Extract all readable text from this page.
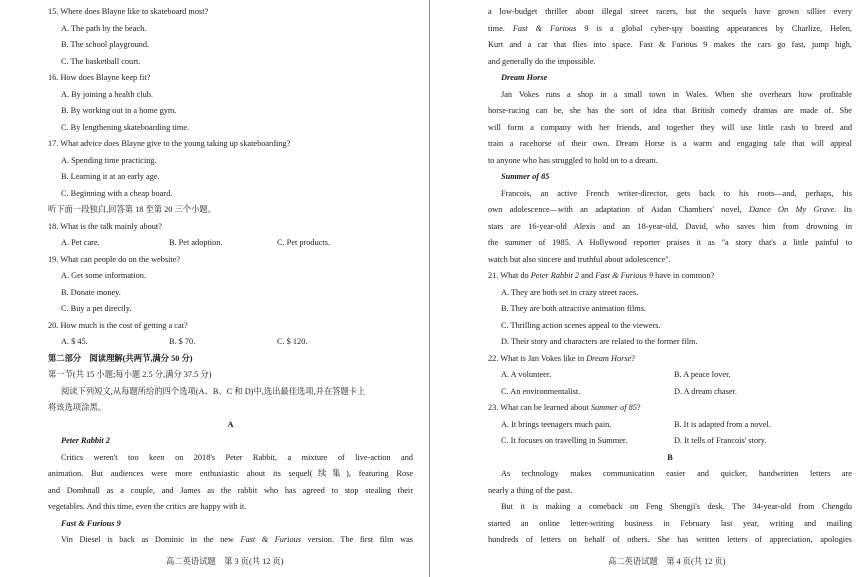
15. Where does Blayne like to skateboard most?
A. The path by the beach.
B. The school playground.
C. The basketball court.
16. How does Blayne keep fit?
A. By joining a health club.
B. By working out in a home gym.
C. By lengthening skateboarding time.
17. What advice does Blayne give to the young taking up skateboarding?
A. Spending time practicing.
B. Learning it at an early age.
C. Beginning with a cheap board.
听下面一段独白,回答第 18 至第 20 三个小题。
18. What is the talk mainly about?
A. Pet care.	B. Pet adoption.	C. Pet products.
19. What can people do on the website?
A. Get some information.
B. Donate money.
C. Buy a pet directly.
20. How much is the cost of getting a cat?
A. $ 45.	B. $ 70.	C. $ 120.
第二部分　阅读理解(共两节,满分 50 分)
第一节(共 15 小题;每小题 2.5 分,满分 37.5 分)
阅读下列短文,从每题所给的四个选项(A、B、C 和 D)中,选出最佳选项,并在答题卡上
将该选项涂黑。
A
Peter Rabbit 2
Critics weren't too keen on 2018's Peter Rabbit, a mixture of live-action and
animation. But audiences were more enthusiastic about its sequel(续集), featuring Rose
and Domhnall as a couple, and James as the rabbit who has agreed to stop stealing their
vegetables. And this time, even the critics are happy with it.
Fast & Furious 9
Vin Diesel is back as Dominic in the new Fast & Furious version. The first film was
a low-budget thriller about illegal street racers, but the sequels have grown sillier every
time. Fast & Furious 9 is a global cyber-spy boasting appearances by Charlize, Helen,
Kurt and a car that flies into space. Fast & Furious 9 makes the cars go fast, jump high,
and generally do the impossible.
Dream Horse
Jan Vokes runs a shop in a small town in Wales. When she overhears how profitable
horse-racing can be, she has the sort of idea that British comedy dramas are made of. She
will form a company with her friends, and together they will use little cash to breed and
train a racehorse of their own. Dream Horse is a warm and engaging tale that will appeal
to anyone who has struggled to hold on to a dream.
Summer of 85
Francois, an active French writer-director, gets back to his roots—and, perhaps, his
own adolescence—with an adaptation of Aidan Chambers' novel, Dance On My Grave. Its
stars are 16-year-old Alexis and an 18-year-old, David, who saves him from drowning in
the summer of 1985. A Hollywood reporter praises it as "a story that's a little painful to
watch but also sincere and truthful about adolescence".
21. What do Peter Rabbit 2 and Fast & Furious 9 have in common?
A. They are both set in crazy street races.
B. They are both attractive animation films.
C. Thrilling action scenes appeal to the viewers.
D. Their story and characters are related to the former film.
22. What is Jan Vokes like in Dream Horse?
A. A volunteer.	B. A peace lover.
C. An environmentalist.	D. A dream chaser.
23. What can be learned about Summer of 85?
A. It brings teenagers much pain.	B. It is adapted from a novel.
C. It focuses on travelling in Summer.	D. It tells of Francois' story.
B
As technology makes communication easier and quicker, handwritten letters are
nearly a thing of the past.
But it is making a comeback on Feng Shengji's desk. The 34-year-old from Chengdu
started an online letter-writing business in February last year, writing and mailing
hundreds of letters on behalf of others. She has written letters of appreciation, apologies
高二英语试题　第 3 页(共 12 页)	高二英语试题　第 4 页(共 12 页)
